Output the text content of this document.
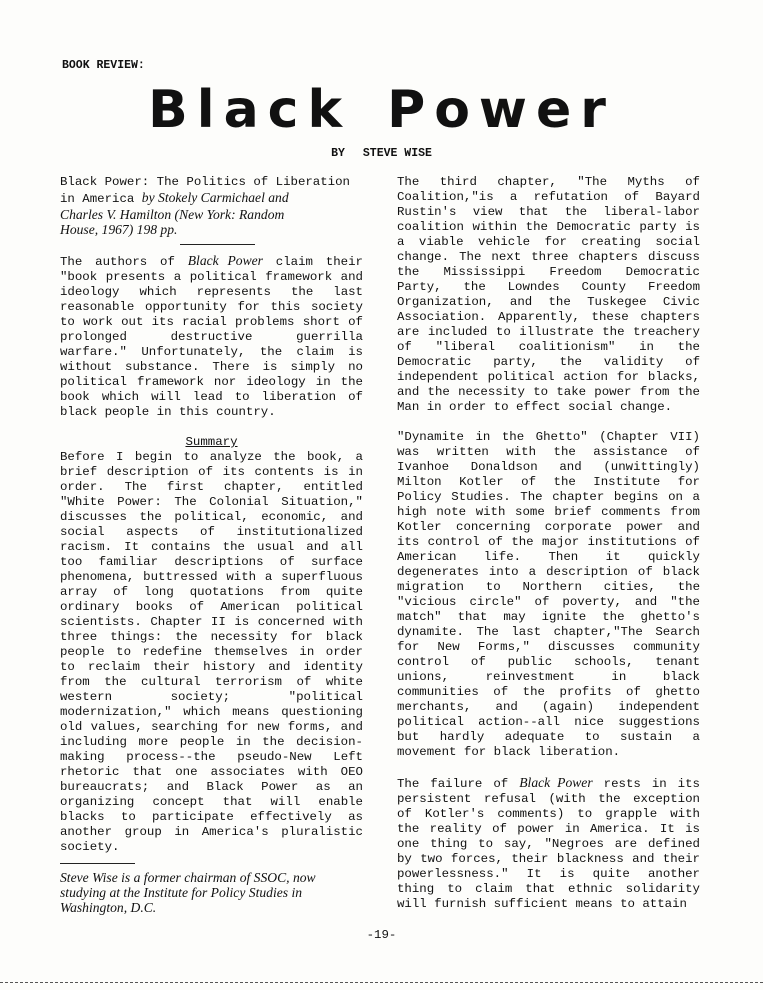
BOOK REVIEW:
Black Power
BY STEVE WISE
Black Power: The Politics of Liberation
in America by Stokely Carmichael and
Charles V. Hamilton (New York: Random
House, 1967) 198 pp.

The authors of Black Power claim their "book presents a political framework and ideology which represents the last reasonable opportunity for this society to work out its racial problems short of prolonged destructive guerrilla warfare." Unfortunately, the claim is without substance. There is simply no political framework nor ideology in the book which will lead to liberation of black people in this country.

Summary

Before I begin to analyze the book, a brief description of its contents is in order. The first chapter, entitled "White Power: The Colonial Situation," discusses the political, economic, and social aspects of institutionalized racism. It contains the usual and all too familiar descriptions of surface phenomena, buttressed with a superfluous array of long quotations from quite ordinary books of American political scientists. Chapter II is concerned with three things: the necessity for black people to redefine themselves in order to reclaim their history and identity from the cultural terrorism of white western society; "political modernization," which means questioning old values, searching for new forms, and including more people in the decision-making process--the pseudo-New Left rhetoric that one associates with OEO bureaucrats; and Black Power as an organizing concept that will enable blacks to participate effectively as another group in America's pluralistic society.

Steve Wise is a former chairman of SSOC, now studying at the Institute for Policy Studies in Washington, D.C.

The third chapter, "The Myths of Coalition,"is a refutation of Bayard Rustin's view that the liberal-labor coalition within the Democratic party is a viable vehicle for creating social change. The next three chapters discuss the Mississippi Freedom Democratic Party, the Lowndes County Freedom Organization, and the Tuskegee Civic Association. Apparently, these chapters are included to illustrate the treachery of "liberal coalitionism" in the Democratic party, the validity of independent political action for blacks, and the necessity to take power from the Man in order to effect social change.

"Dynamite in the Ghetto" (Chapter VII) was written with the assistance of Ivanhoe Donaldson and (unwittingly) Milton Kotler of the Institute for Policy Studies. The chapter begins on a high note with some brief comments from Kotler concerning corporate power and its control of the major institutions of American life. Then it quickly degenerates into a description of black migration to Northern cities, the "vicious circle" of poverty, and "the match" that may ignite the ghetto's dynamite. The last chapter,"The Search for New Forms," discusses community control of public schools, tenant unions, reinvestment in black communities of the profits of ghetto merchants, and (again) independent political action--all nice suggestions but hardly adequate to sustain a movement for black liberation.

The failure of Black Power rests in its persistent refusal (with the exception of Kotler's comments) to grapple with the reality of power in America. It is one thing to say, "Negroes are defined by two forces, their blackness and their powerlessness." It is quite another thing to claim that ethnic solidarity will furnish sufficient means to attain

-19-
